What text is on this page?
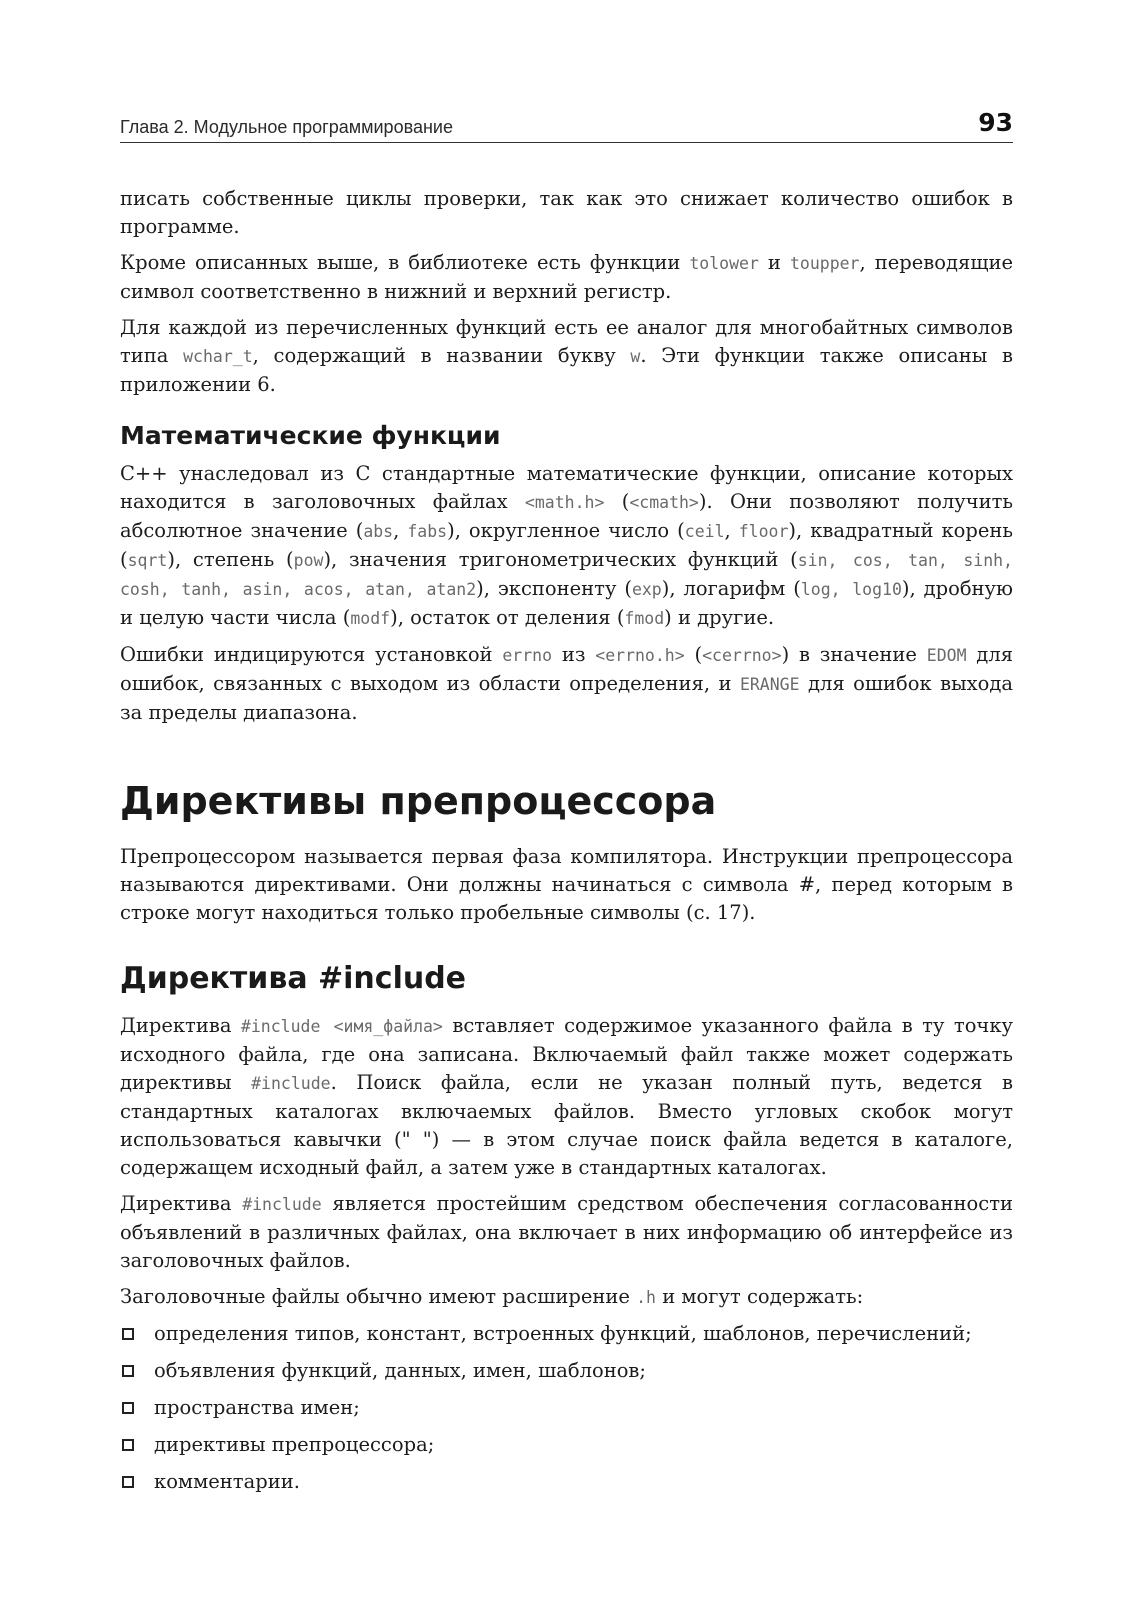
Глава 2. Модульное программирование	93

писать собственные циклы проверки, так как это снижает количество ошибок в программе.

Кроме описанных выше, в библиотеке есть функции tolower и toupper, переводящие символ соответственно в нижний и верхний регистр.

Для каждой из перечисленных функций есть ее аналог для многобайтных символов типа wchar_t, содержащий в названии букву w. Эти функции также описаны в приложении 6.

Математические функции

C++ унаследовал из C стандартные математические функции, описание которых находится в заголовочных файлах <math.h> (<cmath>). Они позволяют получить абсолютное значение (abs, fabs), округленное число (ceil, floor), квадратный корень (sqrt), степень (pow), значения тригонометрических функций (sin, cos, tan, sinh, cosh, tanh, asin, acos, atan, atan2), экспоненту (exp), логарифм (log, log10), дробную и целую части числа (modf), остаток от деления (fmod) и другие.

Ошибки индицируются установкой errno из <errno.h> (<cerrno>) в значение EDOM для ошибок, связанных с выходом из области определения, и ERANGE для ошибок выхода за пределы диапазона.

Директивы препроцессора

Препроцессором называется первая фаза компилятора. Инструкции препроцессора называются директивами. Они должны начинаться с символа #, перед которым в строке могут находиться только пробельные символы (с. 17).

Директива #include

Директива #include <имя_файла> вставляет содержимое указанного файла в ту точку исходного файла, где она записана. Включаемый файл также может содержать директивы #include. Поиск файла, если не указан полный путь, ведется в стандартных каталогах включаемых файлов. Вместо угловых скобок могут использоваться кавычки (" ") — в этом случае поиск файла ведется в каталоге, содержащем исходный файл, а затем уже в стандартных каталогах.

Директива #include является простейшим средством обеспечения согласованности объявлений в различных файлах, она включает в них информацию об интерфейсе из заголовочных файлов.

Заголовочные файлы обычно имеют расширение .h и могут содержать:

определения типов, констант, встроенных функций, шаблонов, перечислений;
объявления функций, данных, имен, шаблонов;
пространства имен;
директивы препроцессора;
комментарии.
